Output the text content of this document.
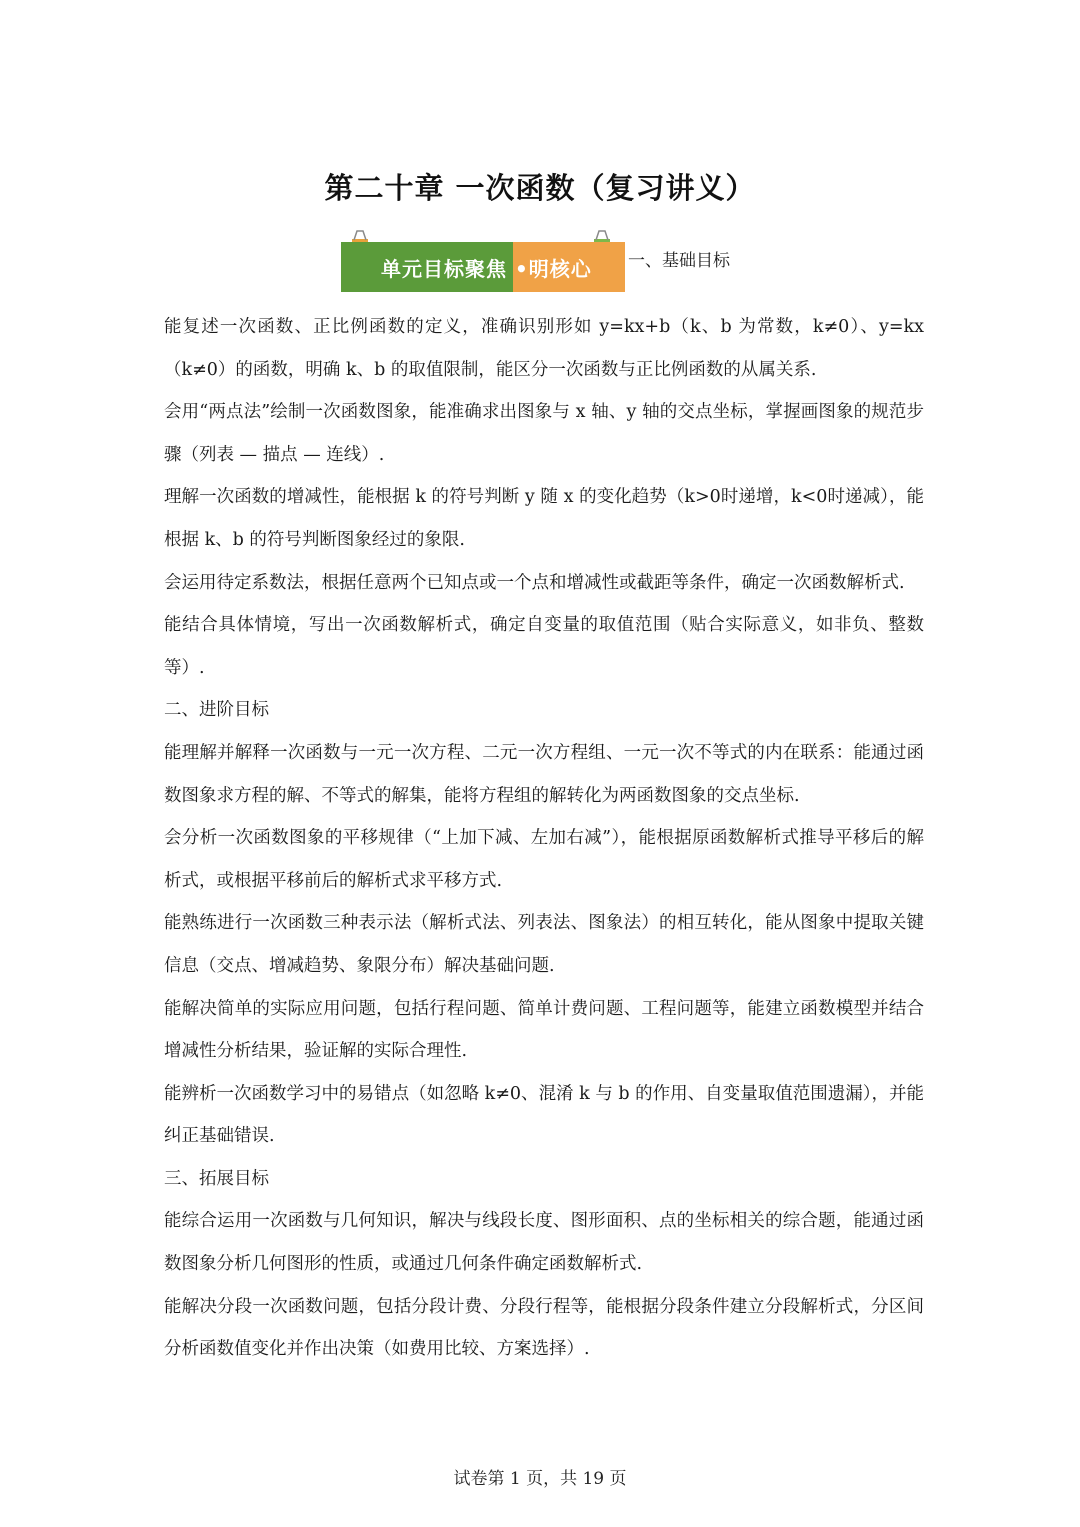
第二十章 一次函数（复习讲义）
单元目标聚焦 •明核心	一、基础目标

能复述一次函数、正比例函数的定义，准确识别形如 y=kx+b（k、b 为常数，k≠0）、y=kx（k≠0）的函数，明确 k、b 的取值限制，能区分一次函数与正比例函数的从属关系.

会用“两点法”绘制一次函数图象，能准确求出图象与 x 轴、y 轴的交点坐标，掌握画图象的规范步骤（列表 — 描点 — 连线）.

理解一次函数的增减性，能根据 k 的符号判断 y 随 x 的变化趋势（k>0时递增，k<0时递减），能根据 k、b 的符号判断图象经过的象限.

会运用待定系数法，根据任意两个已知点或一个点和增减性或截距等条件，确定一次函数解析式.

能结合具体情境，写出一次函数解析式，确定自变量的取值范围（贴合实际意义，如非负、整数等）.

二、进阶目标

能理解并解释一次函数与一元一次方程、二元一次方程组、一元一次不等式的内在联系：能通过函数图象求方程的解、不等式的解集，能将方程组的解转化为两函数图象的交点坐标.

会分析一次函数图象的平移规律（“上加下减、左加右减”），能根据原函数解析式推导平移后的解析式，或根据平移前后的解析式求平移方式.

能熟练进行一次函数三种表示法（解析式法、列表法、图象法）的相互转化，能从图象中提取关键信息（交点、增减趋势、象限分布）解决基础问题.

能解决简单的实际应用问题，包括行程问题、简单计费问题、工程问题等，能建立函数模型并结合增减性分析结果，验证解的实际合理性.

能辨析一次函数学习中的易错点（如忽略 k≠0、混淆 k 与 b 的作用、自变量取值范围遗漏），并能纠正基础错误.

三、拓展目标

能综合运用一次函数与几何知识，解决与线段长度、图形面积、点的坐标相关的综合题，能通过函数图象分析几何图形的性质，或通过几何条件确定函数解析式.

能解决分段一次函数问题，包括分段计费、分段行程等，能根据分段条件建立分段解析式，分区间分析函数值变化并作出决策（如费用比较、方案选择）.

试卷第 1 页，共 19 页
